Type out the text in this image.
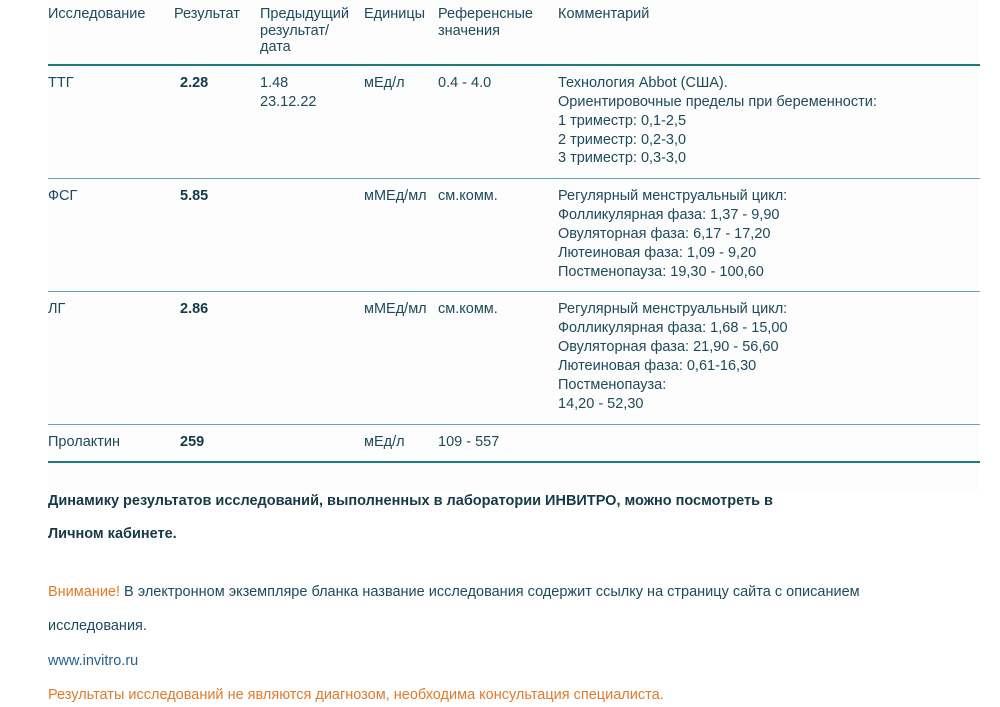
Исследование	Результат	Предыдущий
результат/дата	Единицы	Референсные
значения	Комментарий
ТТГ	2.28	1.48
23.12.22
	мЕд/л	0.4 - 4.0	Технология Abbot (США).

Ориентировочные пределы при беременности:

1 триместр: 0,1-2,5

2 триместр: 0,2-3,0

3 триместр: 0,3-3,0

ФСГ	5.85		мМЕд/мл	см.комм.	Регулярный менструальный цикл:

Фолликулярная фаза: 1,37 - 9,90

Овуляторная фаза: 6,17 - 17,20

Лютеиновая фаза: 1,09 - 9,20

Постменопауза: 19,30 - 100,60

ЛГ	2.86		мМЕд/мл	см.комм.	Регулярный менструальный цикл:

Фолликулярная фаза: 1,68 - 15,00

Овуляторная фаза: 21,90 - 56,60

Лютеиновая фаза: 0,61-16,30

Постменопауза:

14,20 - 52,30

Пролактин	259		мЕд/л	109 - 557	

Динамику результатов исследований, выполненных в лаборатории ИНВИТРО, можно посмотреть в

Личном кабинете.

Внимание! В электронном экземпляре бланка название исследования содержит ссылку на страницу сайта с описанием

исследования.

www.invitro.ru
Результаты исследований не являются диагнозом, необходима консультация специалиста.
